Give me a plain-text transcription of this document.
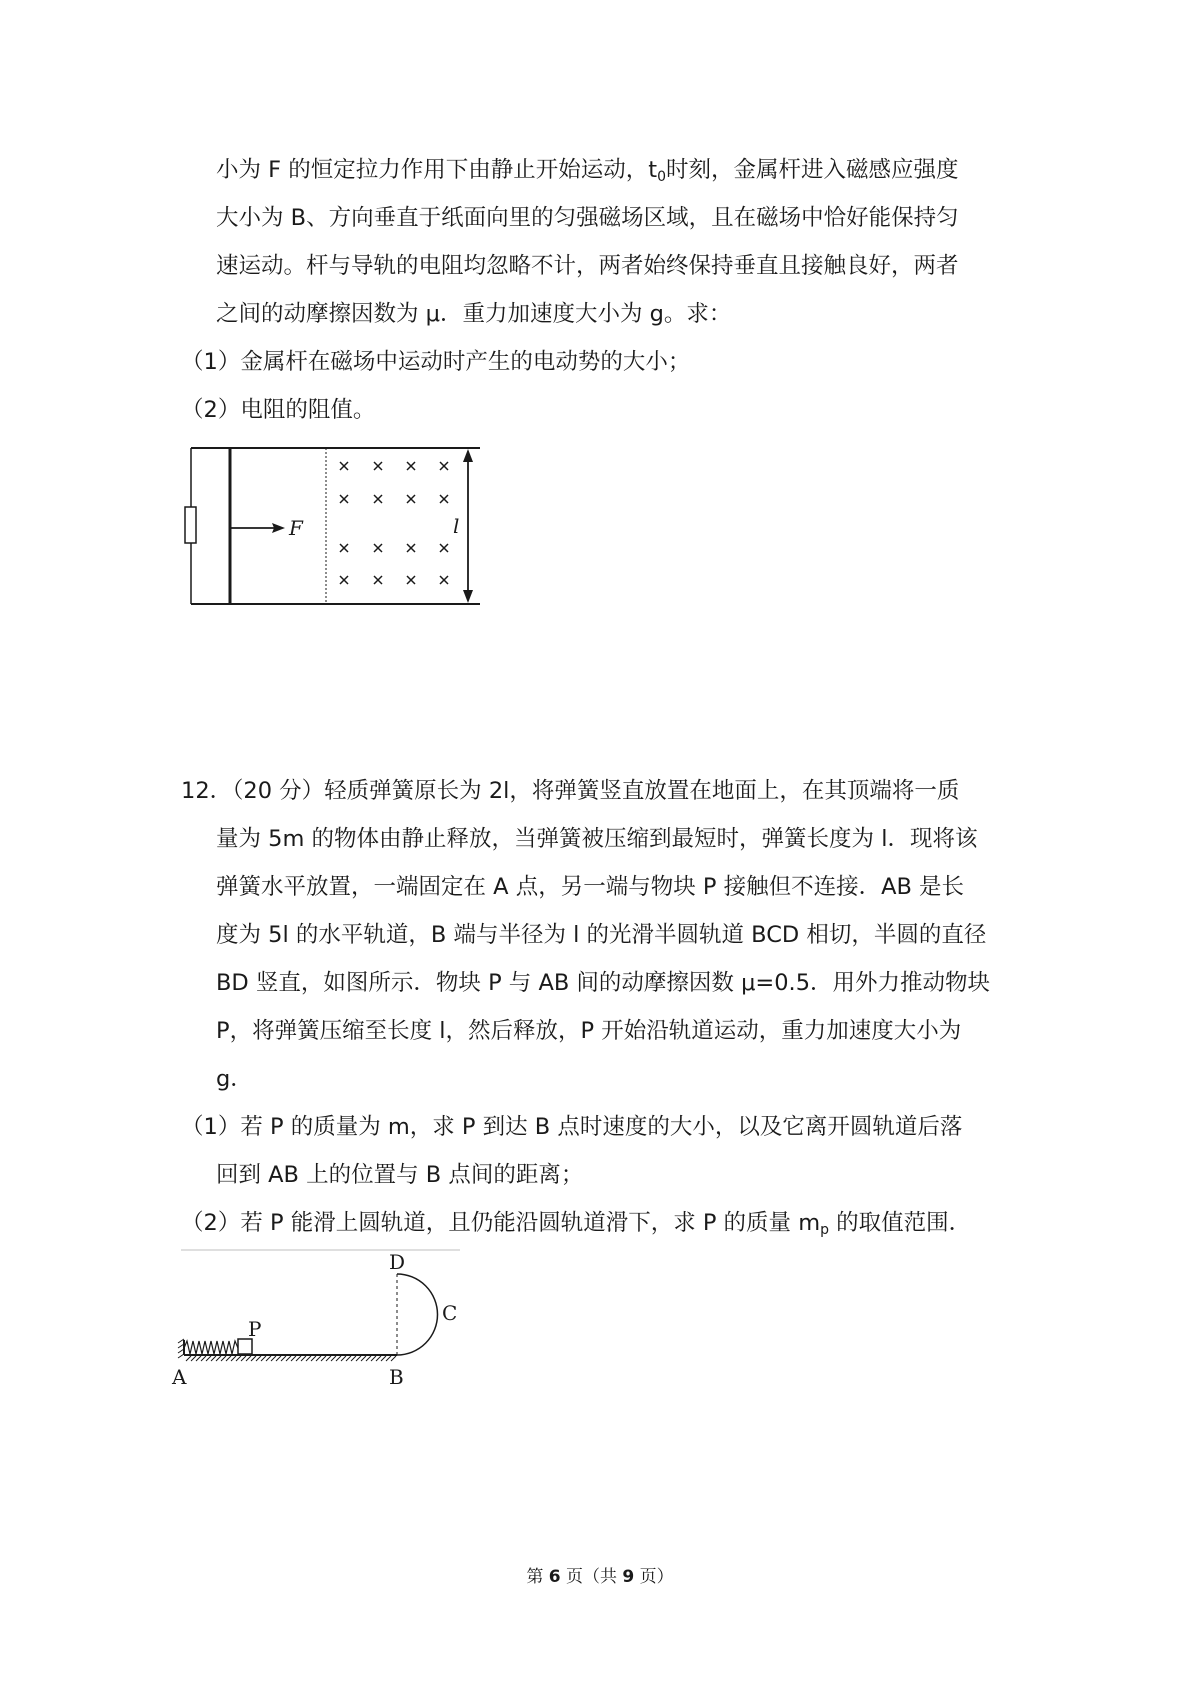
小为 F 的恒定拉力作用下由静止开始运动，$t_0$时刻，金属杆进入磁感应强度
大小为 B、方向垂直于纸面向里的匀强磁场区域，且在磁场中恰好能保持匀
速运动。杆与导轨的电阻均忽略不计，两者始终保持垂直且接触良好，两者
之间的动摩擦因数为 μ．重力加速度大小为 g。求：
（1）金属杆在磁场中运动时产生的电动势的大小；
（2）电阻的阻值。
F	l
12．（20 分）轻质弹簧原长为 2l，将弹簧竖直放置在地面上，在其顶端将一质
量为 5m 的物体由静止释放，当弹簧被压缩到最短时，弹簧长度为 l．现将该
弹簧水平放置，一端固定在 A 点，另一端与物块 P 接触但不连接．AB 是长
度为 5l 的水平轨道，B 端与半径为 l 的光滑半圆轨道 BCD 相切，半圆的直径
BD 竖直，如图所示．物块 P 与 AB 间的动摩擦因数 μ=0.5．用外力推动物块
P，将弹簧压缩至长度 l，然后释放，P 开始沿轨道运动，重力加速度大小为
g．
（1）若 P 的质量为 m，求 P 到达 B 点时速度的大小，以及它离开圆轨道后落
回到 AB 上的位置与 B 点间的距离；
（2）若 P 能滑上圆轨道，且仍能沿圆轨道滑下，求 P 的质量 $m_p$ 的取值范围．
A	B
C
D
P
第 6 页（共 9 页）
